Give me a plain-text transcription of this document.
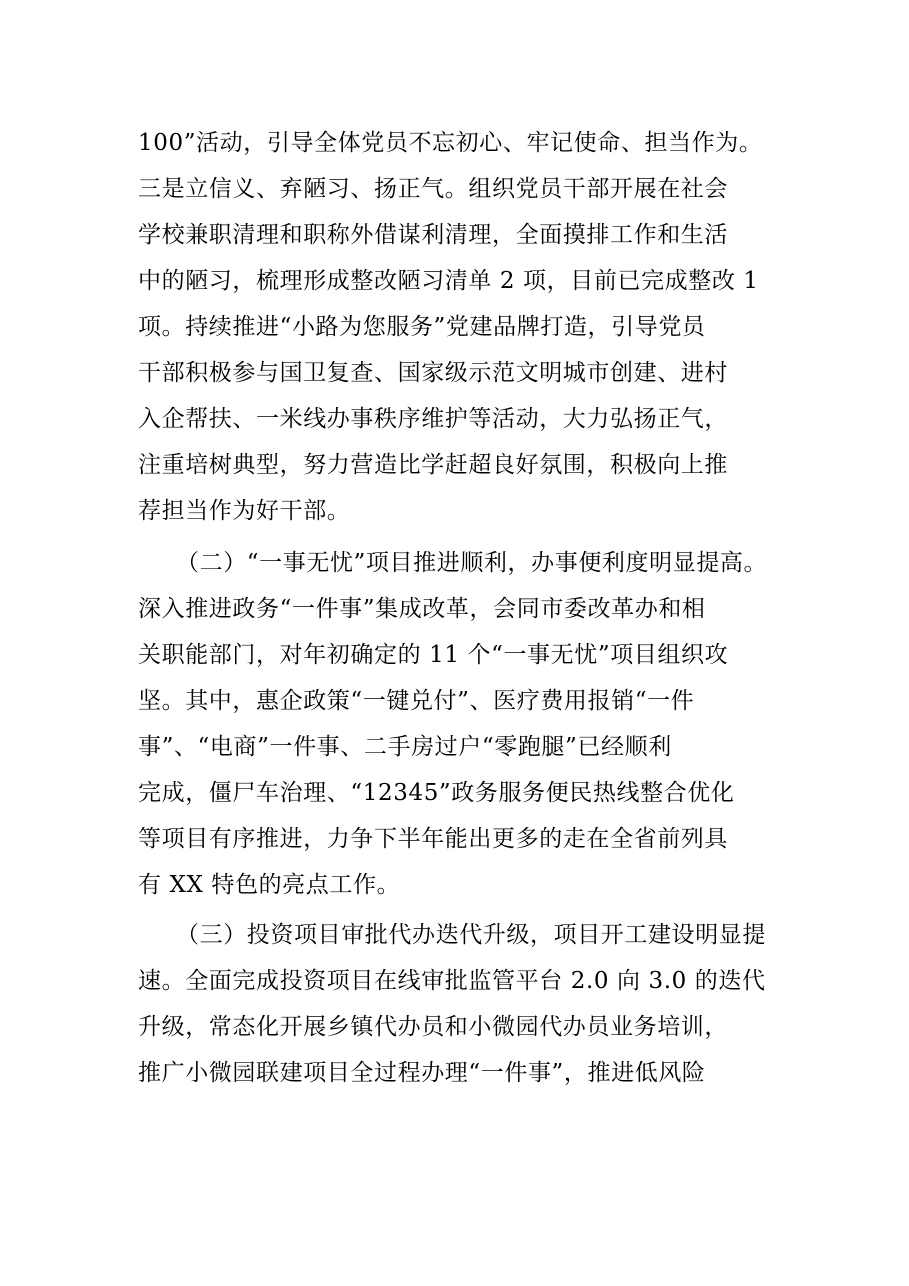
100”活动，引导全体党员不忘初心、牢记使命、担当作为。
三是立信义、弃陋习、扬正气。组织党员干部开展在社会
学校兼职清理和职称外借谋利清理，全面摸排工作和生活
中的陋习，梳理形成整改陋习清单 2 项，目前已完成整改 1
项。持续推进“小路为您服务”党建品牌打造，引导党员
干部积极参与国卫复查、国家级示范文明城市创建、进村
入企帮扶、一米线办事秩序维护等活动，大力弘扬正气，
注重培树典型，努力营造比学赶超良好氛围，积极向上推
荐担当作为好干部。
（二）“一事无忧”项目推进顺利，办事便利度明显提高。
深入推进政务“一件事”集成改革，会同市委改革办和相
关职能部门，对年初确定的 11 个“一事无忧”项目组织攻
坚。其中，惠企政策“一键兑付”、医疗费用报销“一件
事”、“电商”一件事、二手房过户“零跑腿”已经顺利
完成，僵尸车治理、“12345”政务服务便民热线整合优化
等项目有序推进，力争下半年能出更多的走在全省前列具
有 XX 特色的亮点工作。
（三）投资项目审批代办迭代升级，项目开工建设明显提
速。全面完成投资项目在线审批监管平台 2.0 向 3.0 的迭代
升级，常态化开展乡镇代办员和小微园代办员业务培训，
推广小微园联建项目全过程办理“一件事”，推进低风险
